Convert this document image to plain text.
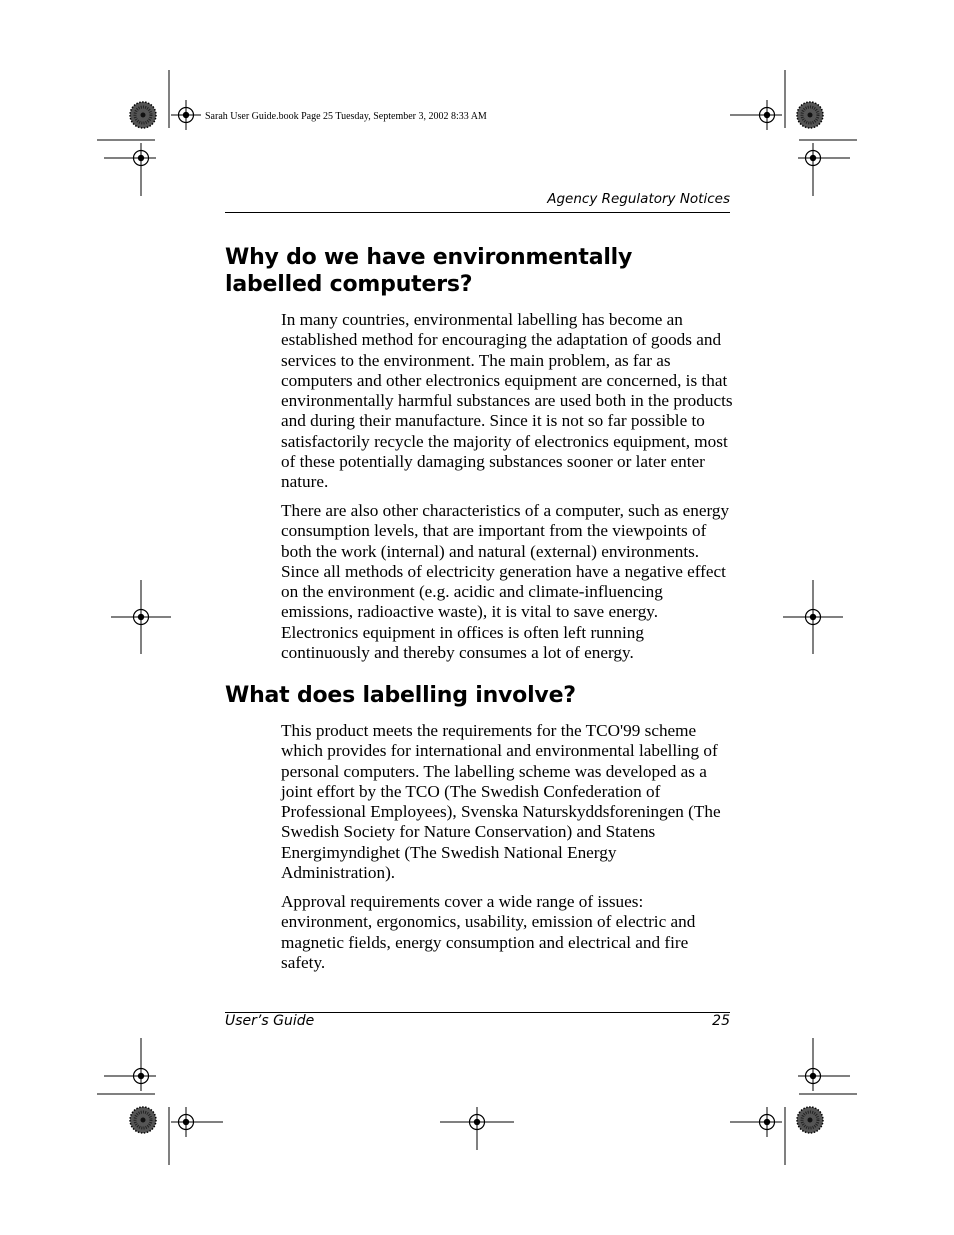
Sarah User Guide.book Page 25 Tuesday, September 3, 2002 8:33 AM
Agency Regulatory Notices
Why do we have environmentally
labelled computers?

In many countries, environmental labelling has become an established method for encouraging the adaptation of goods and services to the environment. The main problem, as far as computers and other electronics equipment are concerned, is that environmentally harmful substances are used both in the products and during their manufacture. Since it is not so far possible to satisfactorily recycle the majority of electronics equipment, most of these potentially damaging substances sooner or later enter nature.

There are also other characteristics of a computer, such as energy consumption levels, that are important from the viewpoints of both the work (internal) and natural (external) environments. Since all methods of electricity generation have a negative effect on the environment (e.g. acidic and climate-influencing emissions, radioactive waste), it is vital to save energy. Electronics equipment in offices is often left running continuously and thereby consumes a lot of energy.

What does labelling involve?

This product meets the requirements for the TCO'99 scheme which provides for international and environmental labelling of personal computers. The labelling scheme was developed as a joint effort by the TCO (The Swedish Confederation of Professional Employees), Svenska Naturskyddsforeningen (The Swedish Society for Nature Conservation) and Statens Energimyndighet (The Swedish National Energy Administration).

Approval requirements cover a wide range of issues: environment, ergonomics, usability, emission of electric and magnetic fields, energy consumption and electrical and fire safety.

User’s Guide	25
